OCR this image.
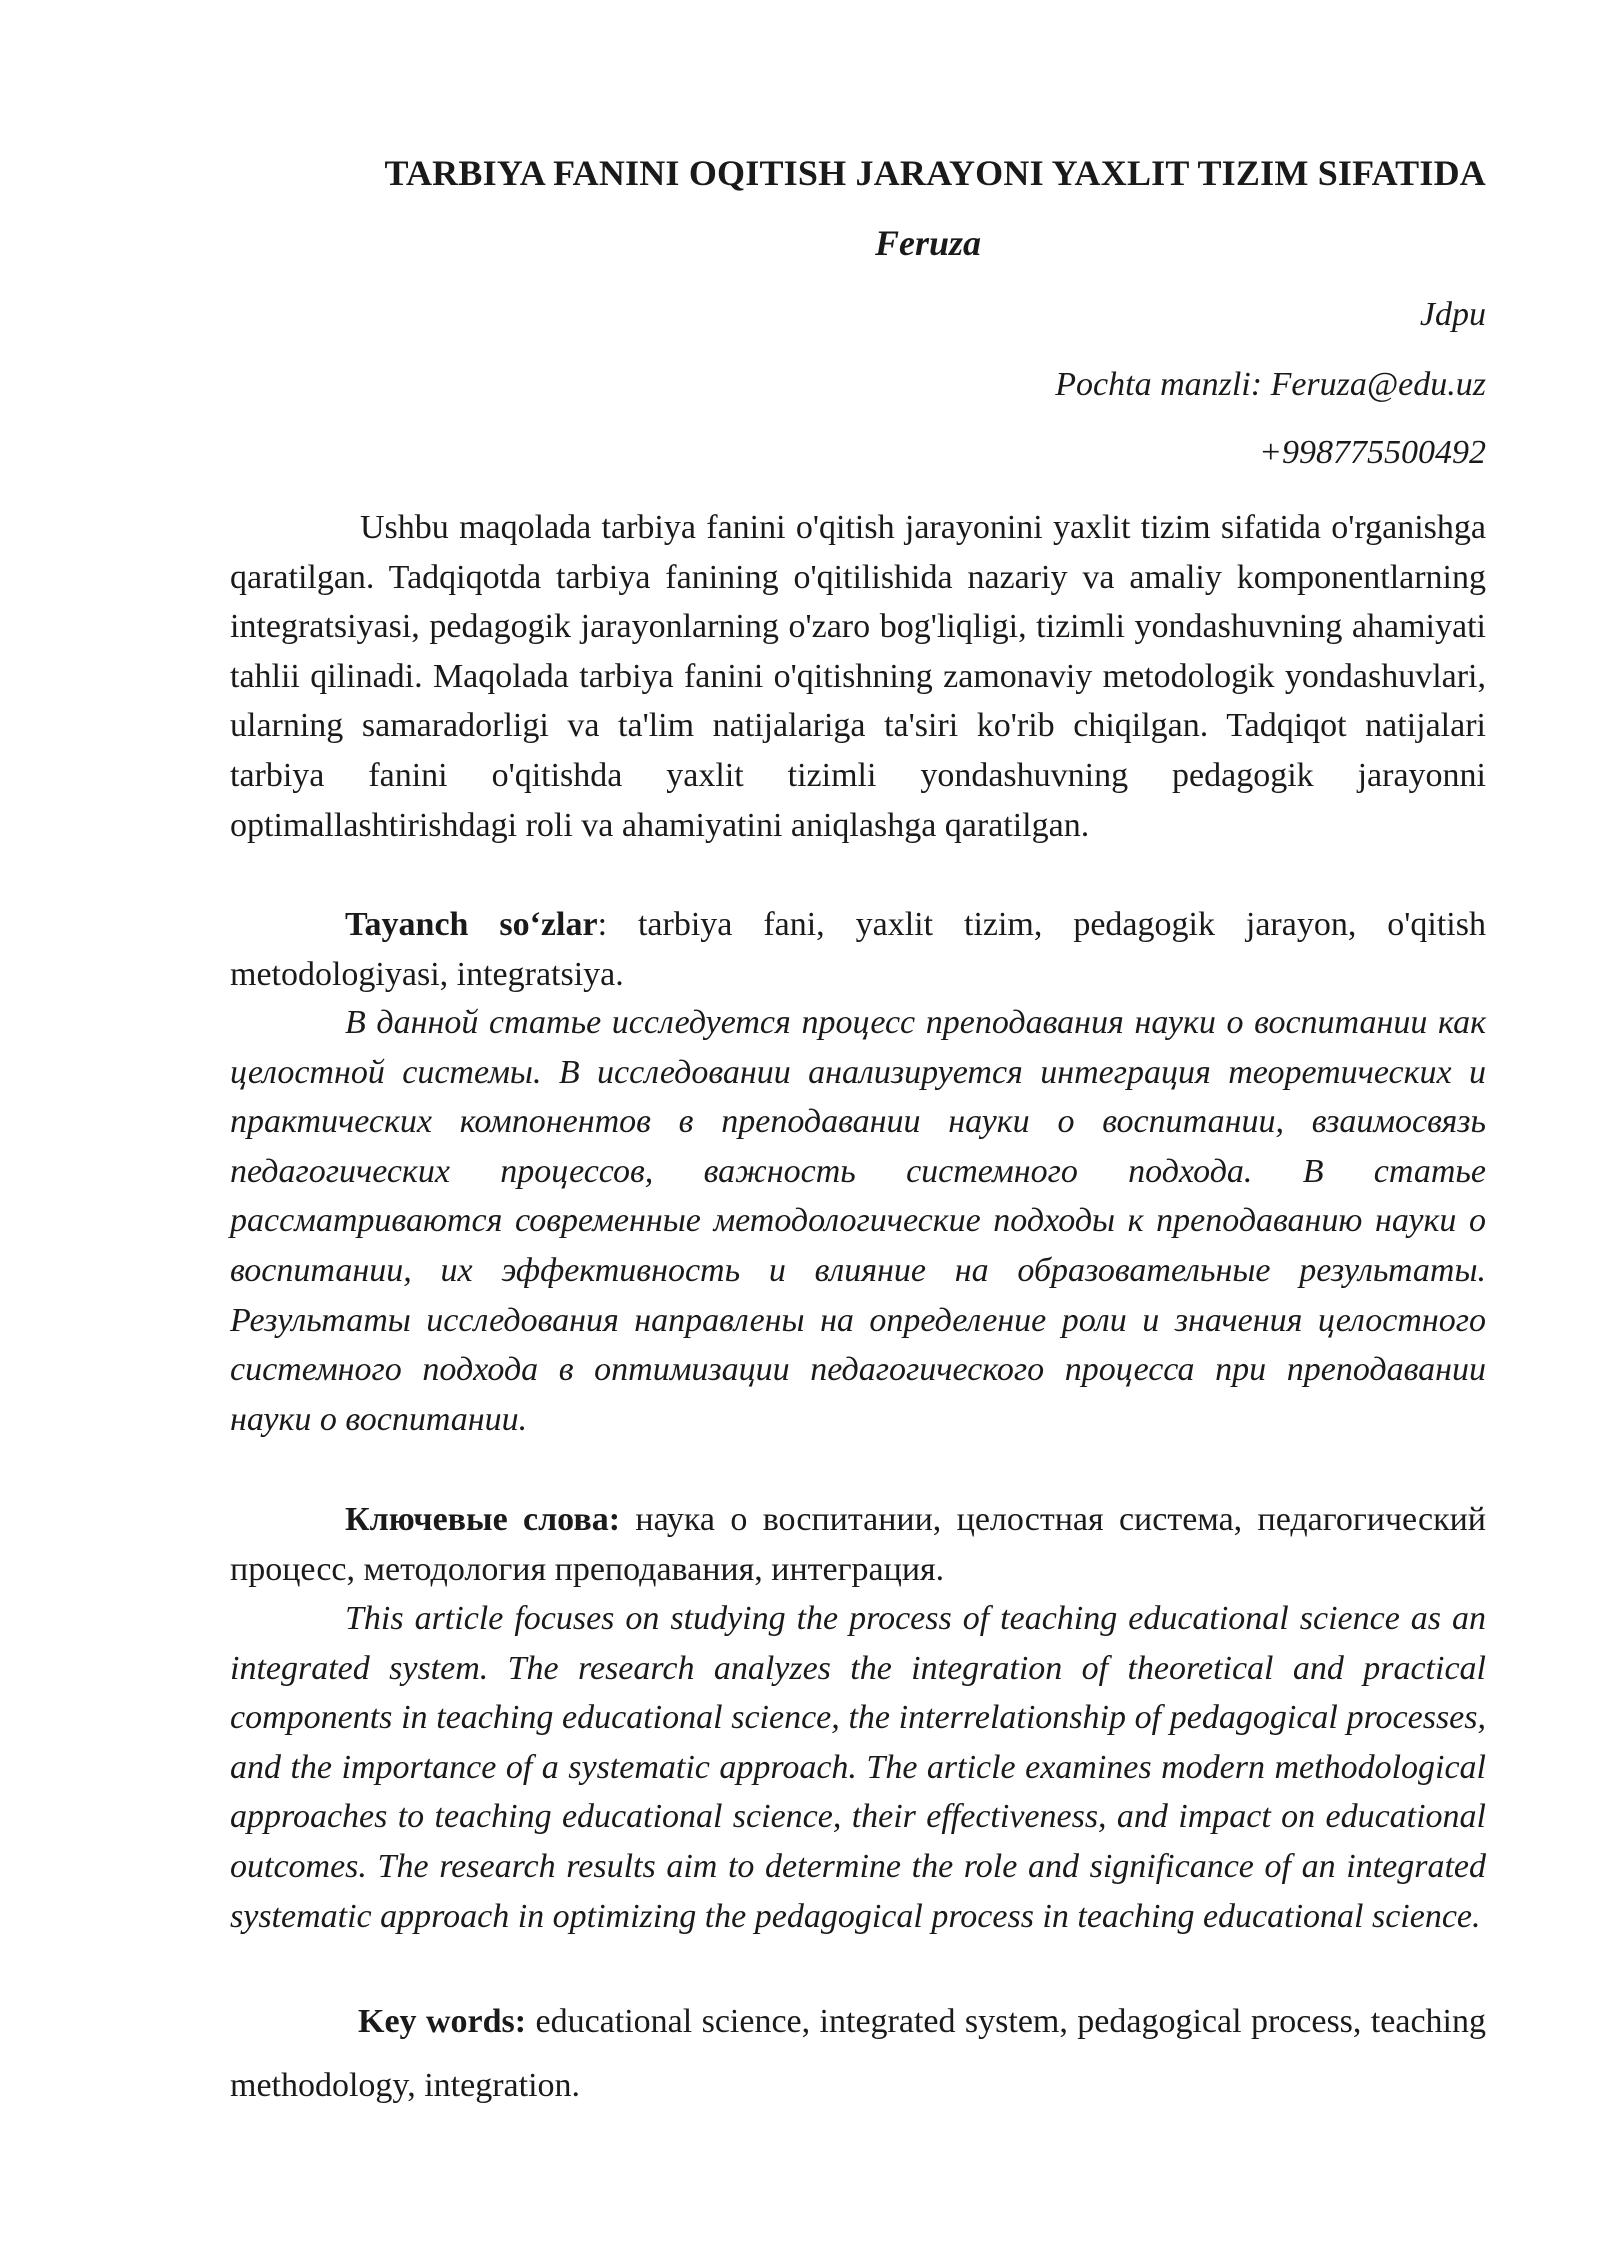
TARBIYA FANINI OQITISH JARAYONI YAXLIT TIZIM SIFATIDA

Feruza

Jdpu

Pochta manzli: Feruza@edu.uz

+998775500492

Ushbu maqolada tarbiya fanini o'qitish jarayonini yaxlit tizim sifatida o'rganishga qaratilgan. Tadqiqotda tarbiya fanining o'qitilishida nazariy va amaliy komponentlarning integratsiyasi, pedagogik jarayonlarning o'zaro bog'liqligi, tizimli yondashuvning ahamiyati tahlii qilinadi. Maqolada tarbiya fanini o'qitishning zamonaviy metodologik yondashuvlari, ularning samaradorligi va ta'lim natijalariga ta'siri ko'rib chiqilgan. Tadqiqot natijalari tarbiya fanini o'qitishda yaxlit tizimli yondashuvning pedagogik jarayonni optimallashtirishdagi roli va ahamiyatini aniqlashga qaratilgan.

Tayanch so‘zlar: tarbiya fani, yaxlit tizim, pedagogik jarayon, o'qitish metodologiyasi, integratsiya.

В данной статье исследуется процесс преподавания науки о воспитании как целостной системы. В исследовании анализируется интеграция теоретических и практических компонентов в преподавании науки о воспитании, взаимосвязь педагогических процессов, важность системного подхода. В статье рассматриваются современные методологические подходы к преподаванию науки о воспитании, их эффективность и влияние на образовательные результаты. Результаты исследования направлены на определение роли и значения целостного системного подхода в оптимизации педагогического процесса при преподавании науки о воспитании.

Ключевые слова: наука о воспитании, целостная система, педагогический процесс, методология преподавания, интеграция.

This article focuses on studying the process of teaching educational science as an integrated system. The research analyzes the integration of theoretical and practical components in teaching educational science, the interrelationship of pedagogical processes, and the importance of a systematic approach. The article examines modern methodological approaches to teaching educational science, their effectiveness, and impact on educational outcomes. The research results aim to determine the role and significance of an integrated systematic approach in optimizing the pedagogical process in teaching educational science.

Key words: educational science, integrated system, pedagogical process, teaching methodology, integration.
